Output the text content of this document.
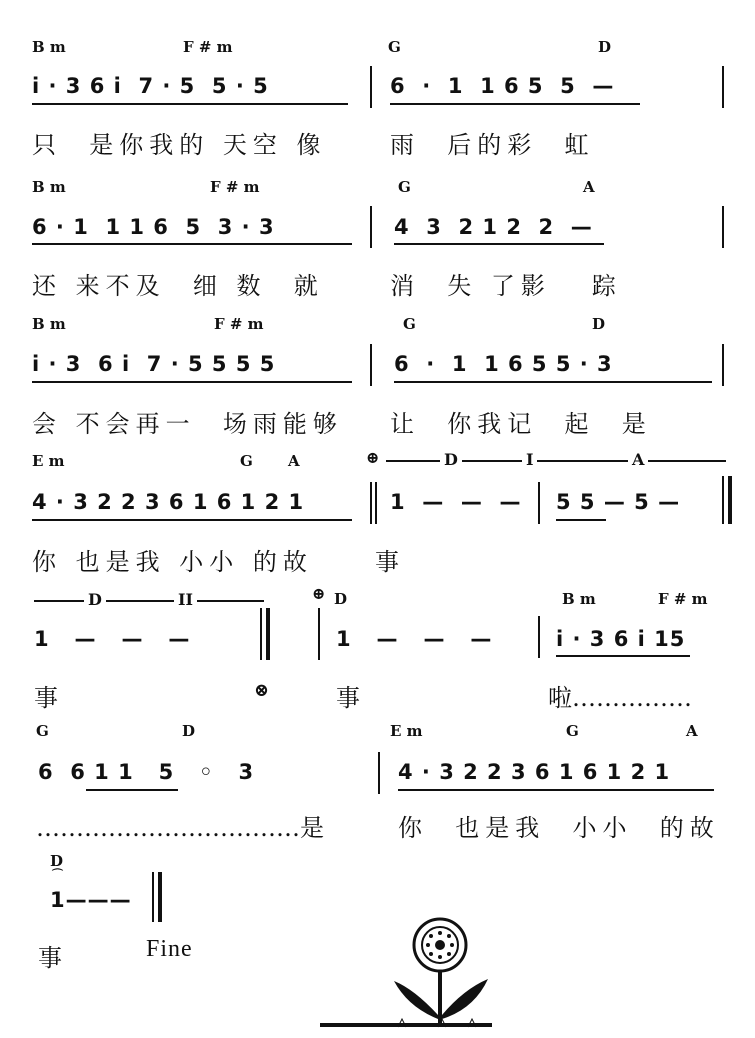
B m	F # m	G	D
i · 3 6 i  7 · 5  5 · 5	6  ·  1  1 6 5  5  —
只  是你我的 天空 像	雨  后的彩  虹
B m	F # m	G	A
6 · 1  1 1 6  5  3 · 3	4  3  2 1 2  2  —
还 来不及  细 数  就	消  失 了影   踪
B m	F # m	G	D
i · 3  6 i  7 · 5 5 5 5	6  ·  1  1 6 5 5 · 3
会 不会再一  场雨能够 让  你我记  起  是
E m	G A	⊕	D	I	A
4 · 3 2 2 3 6 1 6 1 2 1	1  —  —  — 5 5 — 5 —
你 也是我 小小 的故	事
D	II	⊕ D	B m	F # m
1   —   —   —	1   —   —   —	i · 3 6 i 15
事	⊗	事	啦……………
G	D	E m	G	A
6  6 1 1   5   ◦   3	4 · 3 2 2 3 6 1 6 1 2 1
……………………………是	你  也是我  小小  的故
D
⌒
1———
事	Fine
